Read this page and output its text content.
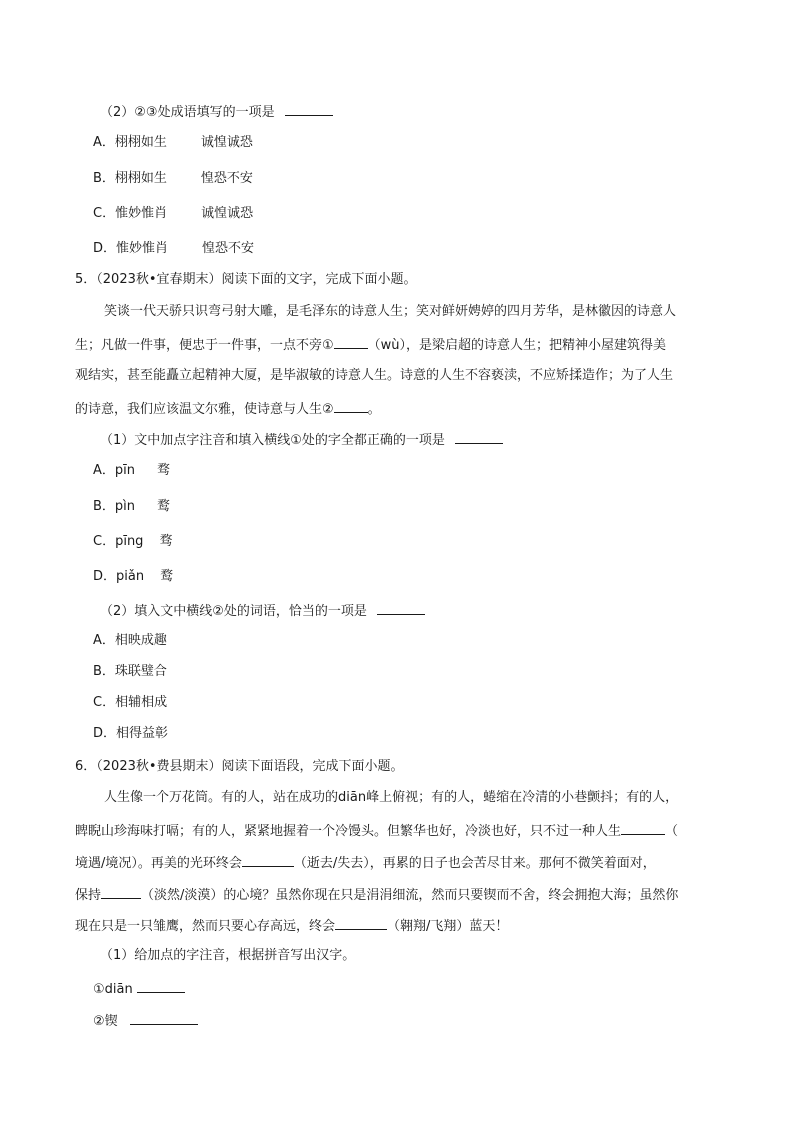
（2）②③处成语填写的一项是
A．栩栩如生	诚惶诚恐
B．栩栩如生	惶恐不安
C．惟妙惟肖	诚惶诚恐
D．惟妙惟肖	惶恐不安
5．（2023秋•宜春期末）阅读下面的文字，完成下面小题。
笑谈一代天骄只识弯弓射大雕，是毛泽东的诗意人生；笑对鲜妍娉婷的四月芳华，是林徽因的诗意人
生；凡做一件事，便忠于一件事，一点不旁①	（wù），是梁启超的诗意人生；把精神小屋建筑得美
观结实，甚至能矗立起精神大厦，是毕淑敏的诗意人生。诗意的人生不容亵渎，不应矫揉造作；为了人生
的诗意，我们应该温文尔雅，使诗意与人生②	。
（1）文中加点字注音和填入横线①处的字全都正确的一项是
A．pīn 骛
B．pìn 鹜
C．pīng 骛
D．piǎn 鹜
（2）填入文中横线②处的词语，恰当的一项是
A．相映成趣
B．珠联璧合
C．相辅相成
D．相得益彰
6．（2023秋•费县期末）阅读下面语段，完成下面小题。
人生像一个万花筒。有的人，站在成功的diān峰上俯视；有的人，蜷缩在冷清的小巷颤抖；有的人，
睥睨山珍海味打嗝；有的人，紧紧地握着一个冷馒头。但繁华也好，冷淡也好，只不过一种人生	（
境遇/境况）。再美的光环终会	（逝去/失去），再累的日子也会苦尽甘来。那何不微笑着面对，
保持	（淡然/淡漠）的心境？虽然你现在只是涓涓细流，然而只要锲而不舍，终会拥抱大海；虽然你
现在只是一只雏鹰，然而只要心存高远，终会	（翱翔/飞翔）蓝天！
（1）给加点的字注音，根据拼音写出汉字。
①diān
②锲
